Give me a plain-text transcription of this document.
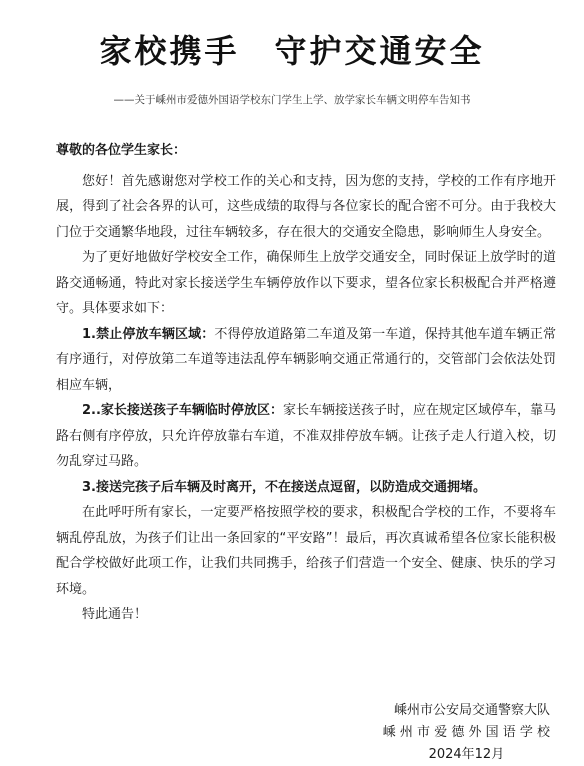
家校携手　守护交通安全
——关于嵊州市爱德外国语学校东门学生上学、放学家长车辆文明停车告知书

尊敬的各位学生家长：

您好！首先感谢您对学校工作的关心和支持，因为您的支持，学校的工作有序地开展，得到了社会各界的认可，这些成绩的取得与各位家长的配合密不可分。由于我校大门位于交通繁华地段，过往车辆较多，存在很大的交通安全隐患，影响师生人身安全。

为了更好地做好学校安全工作，确保师生上放学交通安全，同时保证上放学时的道路交通畅通，特此对家长接送学生车辆停放作以下要求，望各位家长积极配合并严格遵守。具体要求如下：

1.禁止停放车辆区域：不得停放道路第二车道及第一车道，保持其他车道车辆正常有序通行，对停放第二车道等违法乱停车辆影响交通正常通行的，交管部门会依法处罚相应车辆，

2..家长接送孩子车辆临时停放区：家长车辆接送孩子时，应在规定区域停车，靠马路右侧有序停放，只允许停放靠右车道，不准双排停放车辆。让孩子走人行道入校，切勿乱穿过马路。

3.接送完孩子后车辆及时离开，不在接送点逗留，以防造成交通拥堵。

在此呼吁所有家长，一定要严格按照学校的要求，积极配合学校的工作，不要将车辆乱停乱放，为孩子们让出一条回家的“平安路”！最后，再次真诚希望各位家长能积极配合学校做好此项工作，让我们共同携手，给孩子们营造一个安全、健康、快乐的学习环境。

特此通告！

嵊州市公安局交通警察大队
嵊 州 市 爱 德 外 国 语 学 校
2024年12月
